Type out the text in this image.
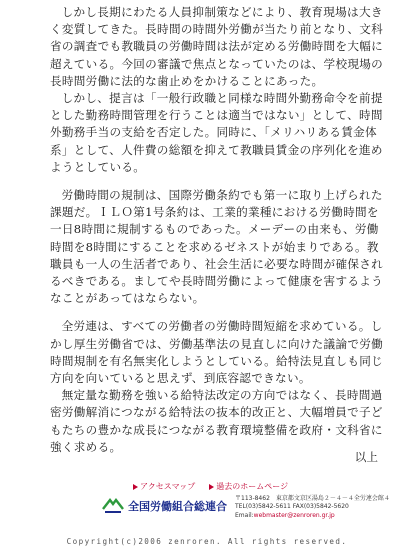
しかし長期にわたる人員抑制策などにより、教育現場は大きく変質してきた。長時間の時間外労働が当たり前となり、文科省の調査でも教職員の労働時間は法が定める労働時間を大幅に超えている。今回の審議で焦点となっていたのは、学校現場の長時間労働に法的な歯止めをかけることにあった。

しかし、提言は「一般行政職と同様な時間外勤務命令を前提とした勤務時間管理を行うことは適当ではない」として、時間外勤務手当の支給を否定した。同時に、「メリハリある賃金体系」として、人件費の総額を抑えて教職員賃金の序列化を進めようとしている。

労働時間の規制は、国際労働条約でも第一に取り上げられた課題だ。ＩＬＯ第1号条約は、工業的業種における労働時間を一日8時間に規制するものであった。メーデーの由来も、労働時間を8時間にすることを求めるゼネストが始まりである。教職員も一人の生活者であり、社会生活に必要な時間が確保されるべきである。ましてや長時間労働によって健康を害するようなことがあってはならない。

全労連は、すべての労働者の労働時間短縮を求めている。しかし厚生労働省では、労働基準法の見直しに向けた議論で労働時間規制を有名無実化しようとしている。給特法見直しも同じ方向を向いていると思えず、到底容認できない。

無定量な勤務を強いる給特法改定の方向ではなく、長時間過密労働解消につながる給特法の抜本的改正と、大幅増員で子どもたちの豊かな成長につながる教育環境整備を政府・文科省に強く求める。

以上
アクセスマップ	過去のホームページ
全国労働組合総連合
〒113-8462　東京都文京区湯島２－４－４全労連会館４
TEL(03)5842-5611 FAX(03)5842-5620
Email:webmaster@zenroren.gr.jp
Copyright(c)2006 zenroren. All rights reserved.
